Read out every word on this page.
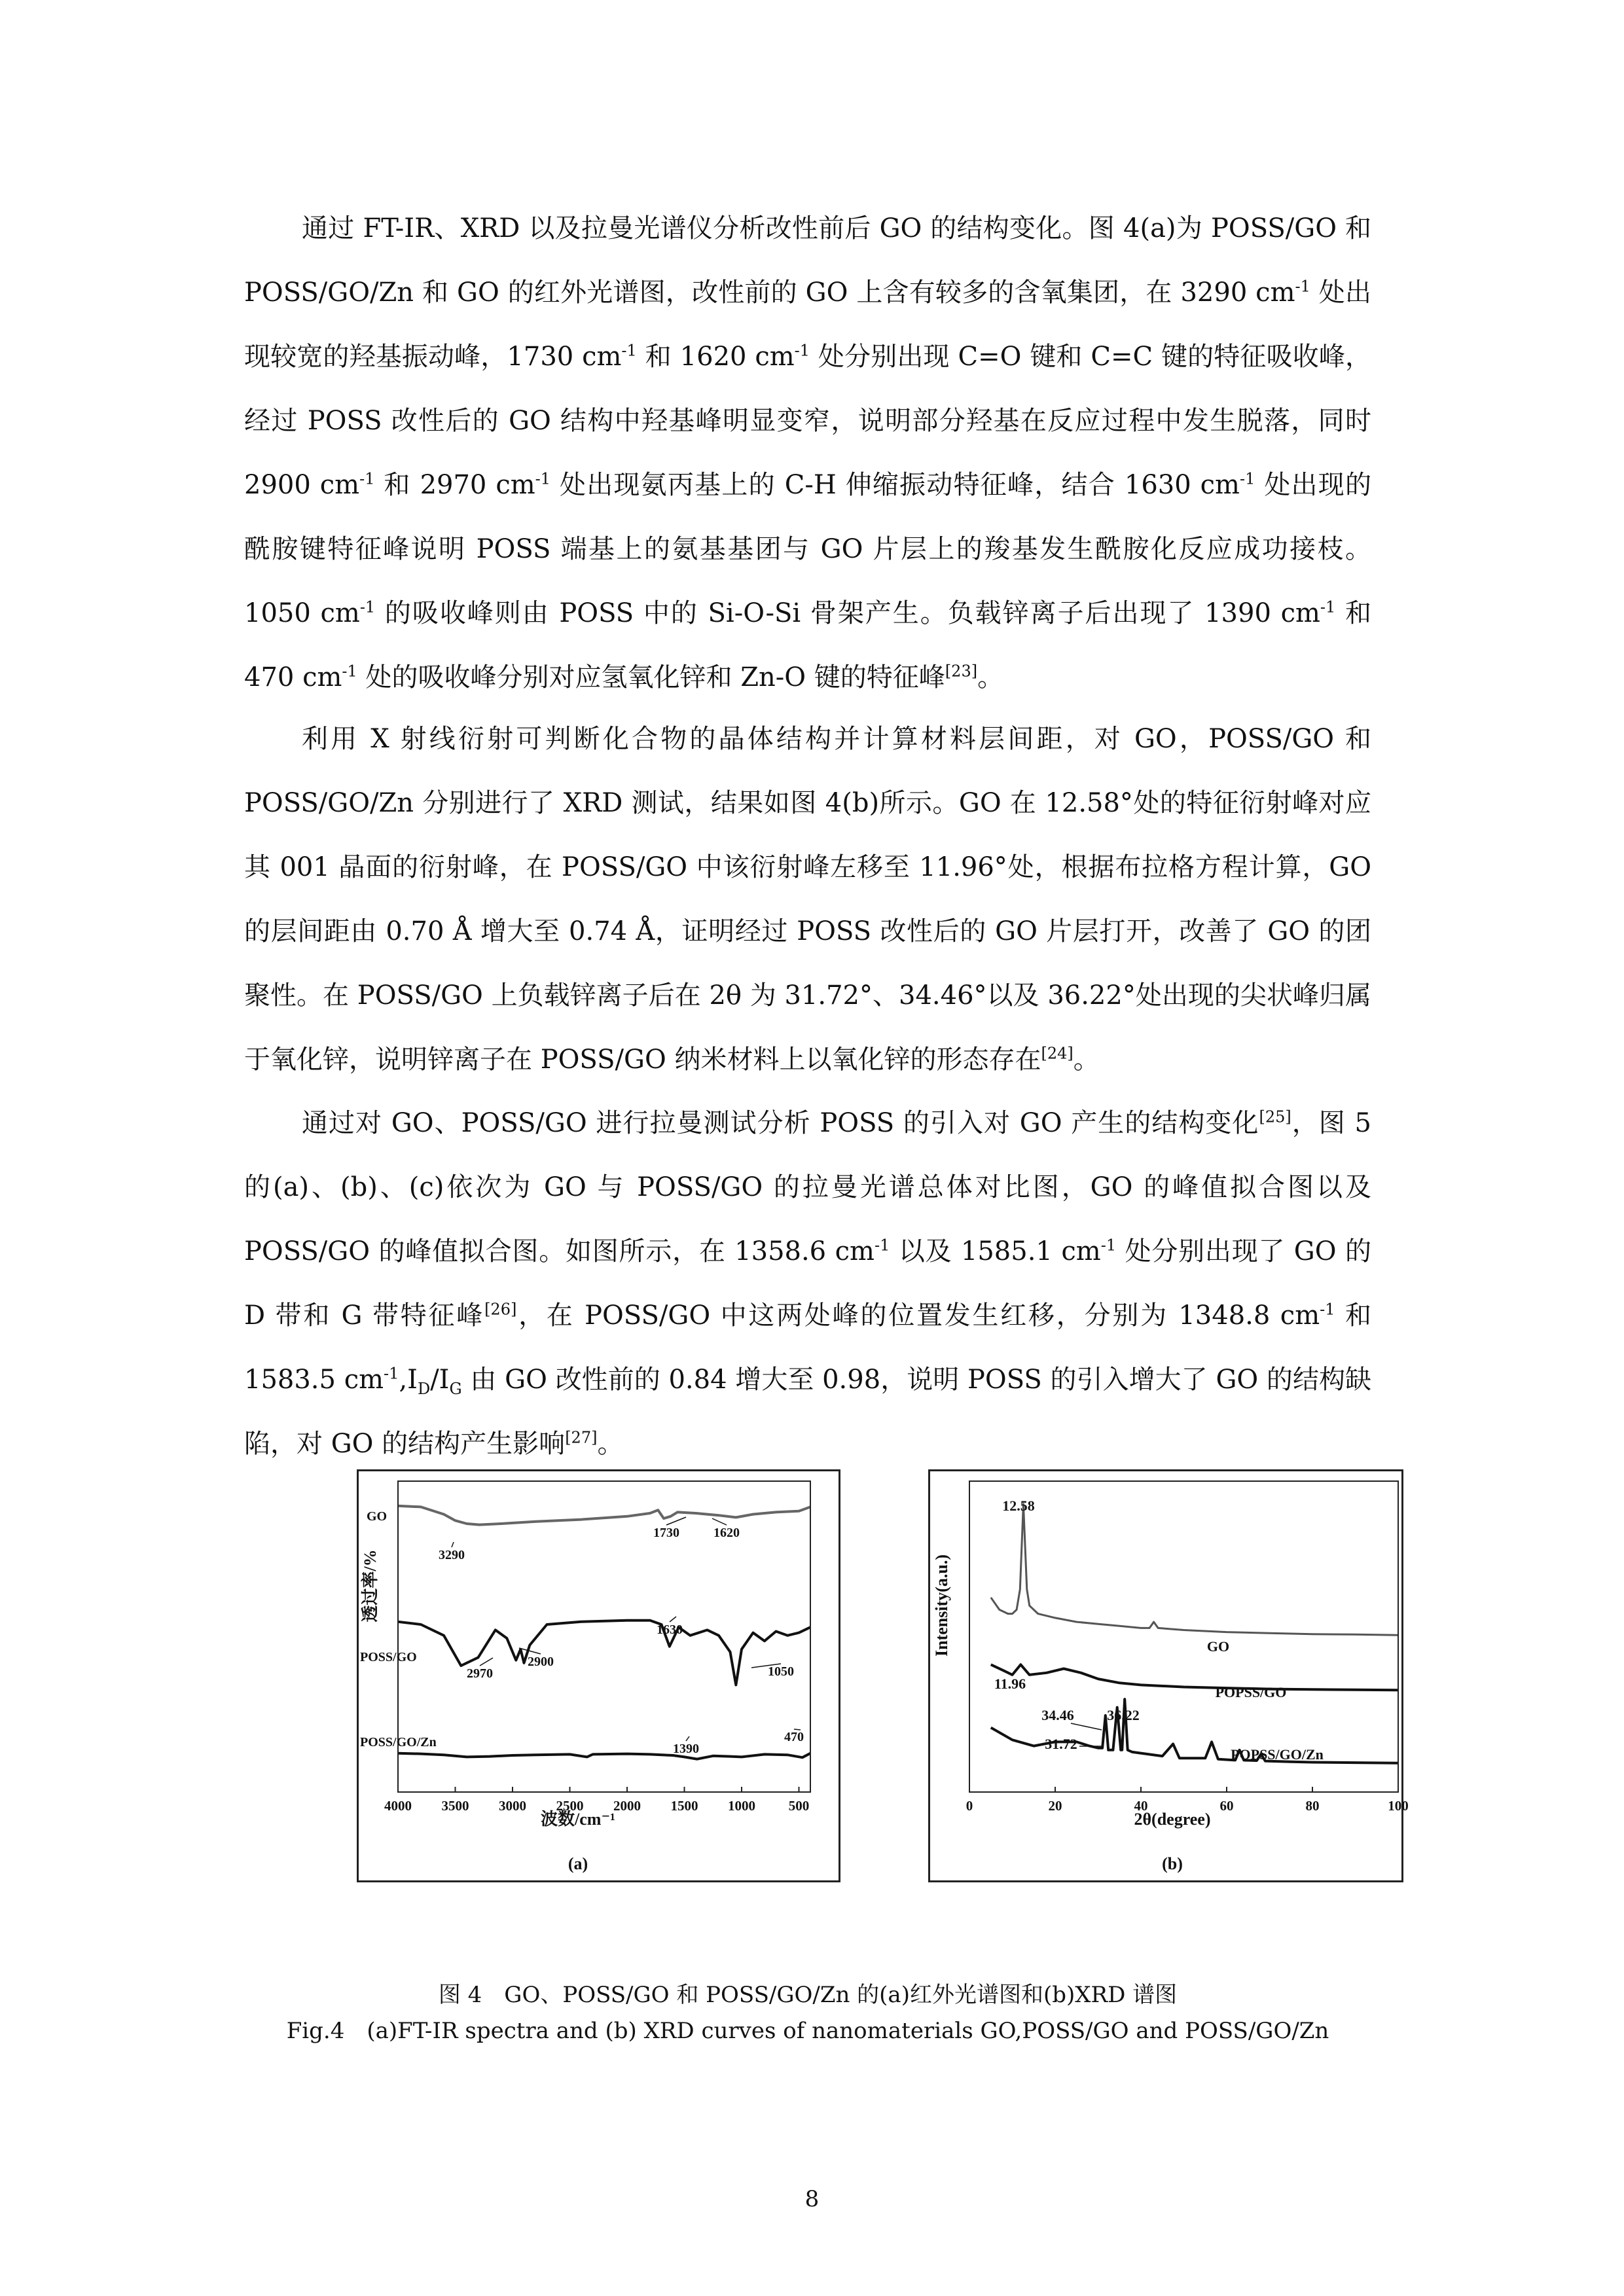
通过 FT-IR、XRD 以及拉曼光谱仪分析改性前后 GO 的结构变化。图 4(a)为 POSS/GO 和 POSS/GO/Zn 和 GO 的红外光谱图，改性前的 GO 上含有较多的含氧集团，在 3290 $cm^{-1}$ 处出现较宽的羟基振动峰，1730 $cm^{-1}$ 和 1620 $cm^{-1}$ 处分别出现 C=O 键和 C=C 键的特征吸收峰，经过 POSS 改性后的 GO 结构中羟基峰明显变窄，说明部分羟基在反应过程中发生脱落，同时 2900 $cm^{-1}$ 和 2970 $cm^{-1}$ 处出现氨丙基上的 C-H 伸缩振动特征峰，结合 1630 $cm^{-1}$ 处出现的酰胺键特征峰说明 POSS 端基上的氨基基团与 GO 片层上的羧基发生酰胺化反应成功接枝。1050 $cm^{-1}$ 的吸收峰则由 POSS 中的 Si-O-Si 骨架产生。负载锌离子后出现了 1390 $cm^{-1}$ 和 470 $cm^{-1}$ 处的吸收峰分别对应氢氧化锌和 Zn-O 键的特征峰[23]。

利用 X 射线衍射可判断化合物的晶体结构并计算材料层间距，对 GO，POSS/GO 和 POSS/GO/Zn 分别进行了 XRD 测试，结果如图 4(b)所示。GO 在 12.58°处的特征衍射峰对应其 001 晶面的衍射峰，在 POSS/GO 中该衍射峰左移至 11.96°处，根据布拉格方程计算，GO 的层间距由 0.70 Å 增大至 0.74 Å，证明经过 POSS 改性后的 GO 片层打开，改善了 GO 的团聚性。在 POSS/GO 上负载锌离子后在 2θ 为 31.72°、34.46°以及 36.22°处出现的尖状峰归属于氧化锌，说明锌离子在 POSS/GO 纳米材料上以氧化锌的形态存在[24]。

通过对 GO、POSS/GO 进行拉曼测试分析 POSS 的引入对 GO 产生的结构变化[25]，图 5 的(a)、(b)、(c)依次为 GO 与 POSS/GO 的拉曼光谱总体对比图，GO 的峰值拟合图以及 POSS/GO 的峰值拟合图。如图所示，在 1358.6 $cm^{-1}$ 以及 1585.1 $cm^{-1}$ 处分别出现了 GO 的 D 带和 G 带特征峰[26]，在 POSS/GO 中这两处峰的位置发生红移，分别为 1348.8 $cm^{-1}$ 和 1583.5 $cm^{-1},I_D/I_G$ 由 GO 改性前的 0.84 增大至 0.98，说明 POSS 的引入增大了 GO 的结构缺陷，对 GO 的结构产生影响[27]。

透过率/%
4000 3500 3000 2500 2000 1500 1000 500
GO
POSS/GO
POSS/GO/Zn
3290
1730	1620
2970
2900
1630
1050
1390
470
波数/cm⁻¹
(a)
Intensity(a.u.)
0	20	40	60	80	100
GO
POPSS/GO
POPSS/GO/Zn
12.58
11.96
34.46
31.72
36.22
2θ(degree)
(b)

图 4　GO、POSS/GO 和 POSS/GO/Zn 的(a)红外光谱图和(b)XRD 谱图

Fig.4　(a)FT-IR spectra and (b) XRD curves of nanomaterials GO,POSS/GO and POSS/GO/Zn

8
